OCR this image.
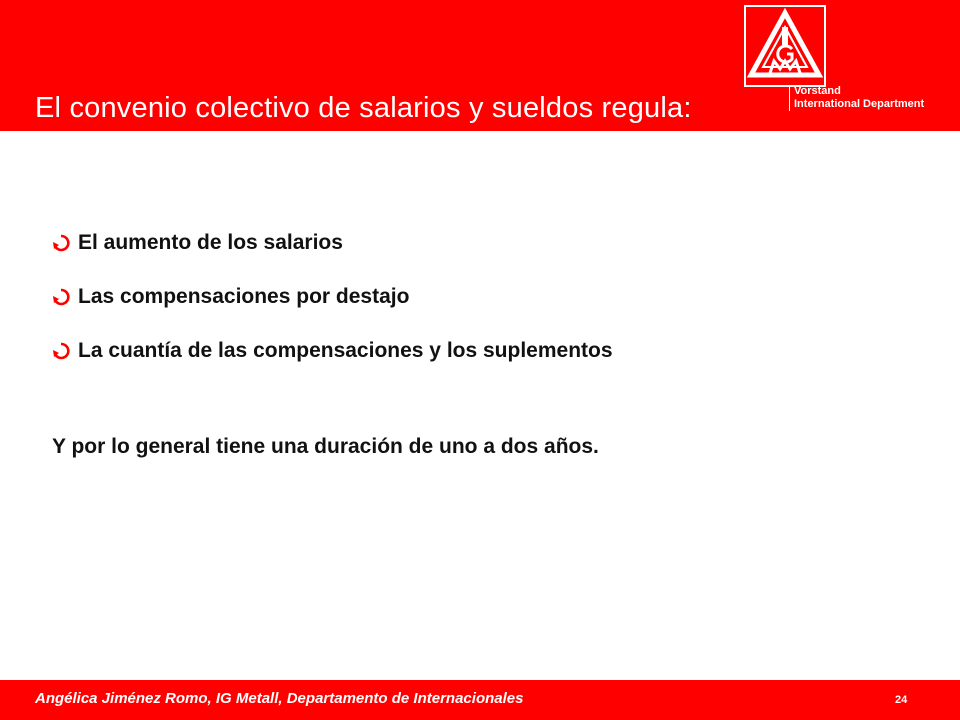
Vorstand
International Department
El convenio colectivo de salarios y sueldos regula:
El aumento de los salarios
Las compensaciones por destajo
La cuantía de las compensaciones y los suplementos
Y por lo general tiene una duración de uno a dos años.
Angélica Jiménez Romo, IG Metall, Departamento de Internacionales	24
